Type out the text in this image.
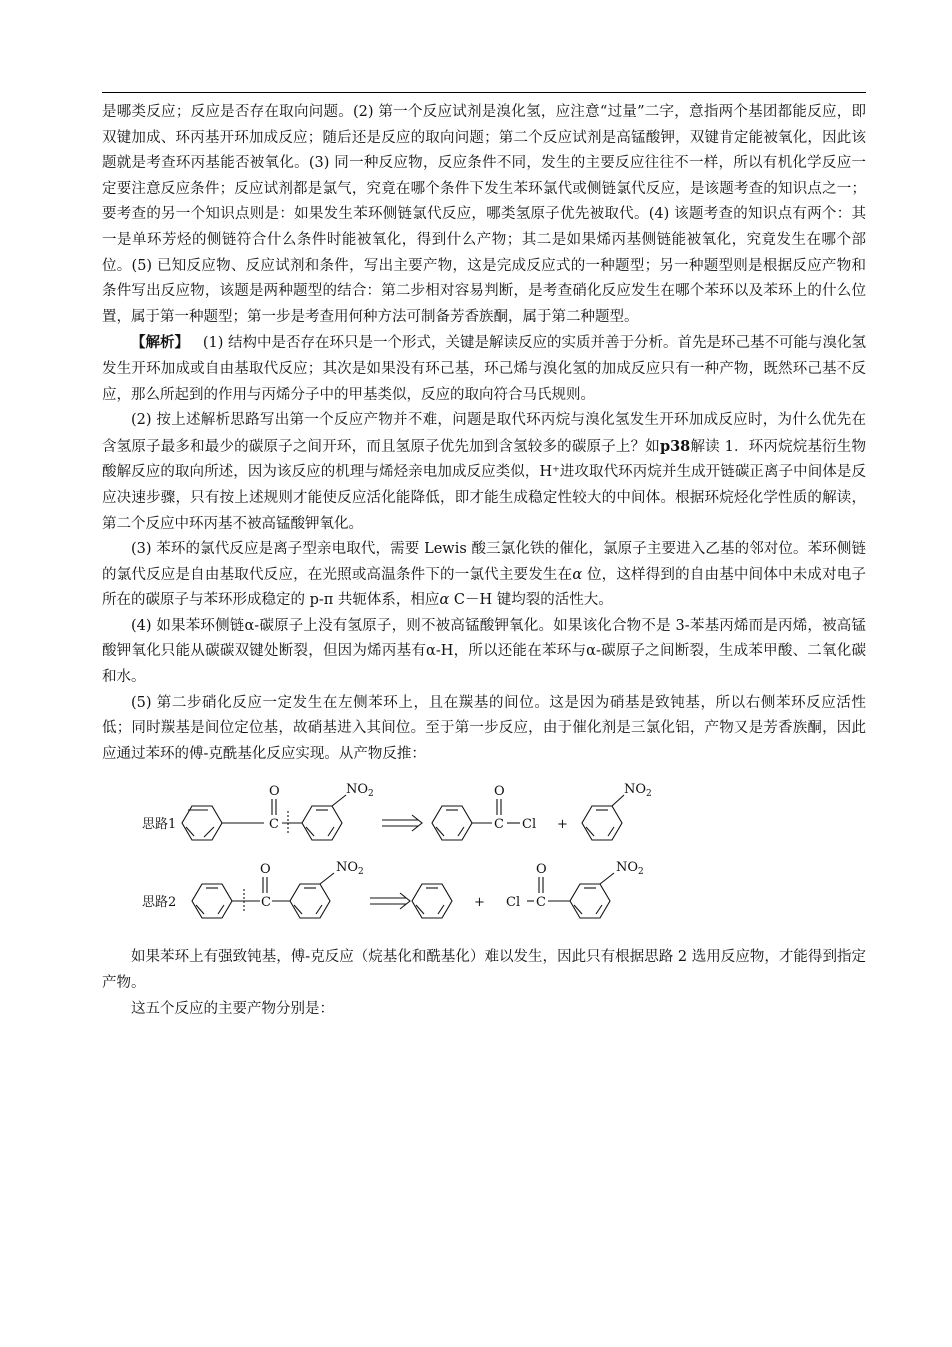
是哪类反应；反应是否存在取向问题。(2) 第一个反应试剂是溴化氢，应注意“过量”二字，意指两个基团都能反应，即双键加成、环丙基开环加成反应；随后还是反应的取向问题；第二个反应试剂是高锰酸钾，双键肯定能被氧化，因此该题就是考查环丙基能否被氧化。(3) 同一种反应物，反应条件不同，发生的主要反应往往不一样，所以有机化学反应一定要注意反应条件；反应试剂都是氯气，究竟在哪个条件下发生苯环氯代或侧链氯代反应，是该题考查的知识点之一；要考查的另一个知识点则是：如果发生苯环侧链氯代反应，哪类氢原子优先被取代。(4) 该题考查的知识点有两个：其一是单环芳烃的侧链符合什么条件时能被氧化，得到什么产物；其二是如果烯丙基侧链能被氧化，究竟发生在哪个部位。(5) 已知反应物、反应试剂和条件，写出主要产物，这是完成反应式的一种题型；另一种题型则是根据反应产物和条件写出反应物，该题是两种题型的结合：第二步相对容易判断，是考查硝化反应发生在哪个苯环以及苯环上的什么位置，属于第一种题型；第一步是考查用何种方法可制备芳香族酮，属于第二种题型。

【解析】 (1) 结构中是否存在环只是一个形式，关键是解读反应的实质并善于分析。首先是环己基不可能与溴化氢发生开环加成或自由基取代反应；其次是如果没有环己基，环己烯与溴化氢的加成反应只有一种产物，既然环己基不反应，那么所起到的作用与丙烯分子中的甲基类似，反应的取向符合马氏规则。

(2) 按上述解析思路写出第一个反应产物并不难，问题是取代环丙烷与溴化氢发生开环加成反应时，为什么优先在含氢原子最多和最少的碳原子之间开环，而且氢原子优先加到含氢较多的碳原子上？如p38解读 1．环丙烷烷基衍生物酸解反应的取向所述，因为该反应的机理与烯烃亲电加成反应类似，H⁺进攻取代环丙烷并生成开链碳正离子中间体是反应决速步骤，只有按上述规则才能使反应活化能降低，即才能生成稳定性较大的中间体。根据环烷烃化学性质的解读，第二个反应中环丙基不被高锰酸钾氧化。

(3) 苯环的氯代反应是离子型亲电取代，需要 Lewis 酸三氯化铁的催化，氯原子主要进入乙基的邻对位。苯环侧链的氯代反应是自由基取代反应，在光照或高温条件下的一氯代主要发生在α 位，这样得到的自由基中间体中未成对电子所在的碳原子与苯环形成稳定的 p-π 共轭体系，相应α C－H 键均裂的活性大。

(4) 如果苯环侧链α-碳原子上没有氢原子，则不被高锰酸钾氧化。如果该化合物不是 3-苯基丙烯而是丙烯，被高锰酸钾氧化只能从碳碳双键处断裂，但因为烯丙基有α-H，所以还能在苯环与α-碳原子之间断裂，生成苯甲酸、二氧化碳和水。

(5) 第二步硝化反应一定发生在左侧苯环上，且在羰基的间位。这是因为硝基是致钝基，所以右侧苯环反应活性低；同时羰基是间位定位基，故硝基进入其间位。至于第一步反应，由于催化剂是三氯化铝，产物又是芳香族酮，因此应通过苯环的傅-克酰基化反应实现。从产物反推：

思路1
O
C
$NO_2$	O
C Cl +
$NO_2$
思路2
O
C
$NO_2$
+ Cl
O
C
$NO_2$

如果苯环上有强致钝基，傅-克反应（烷基化和酰基化）难以发生，因此只有根据思路 2 选用反应物，才能得到指定产物。

这五个反应的主要产物分别是：
